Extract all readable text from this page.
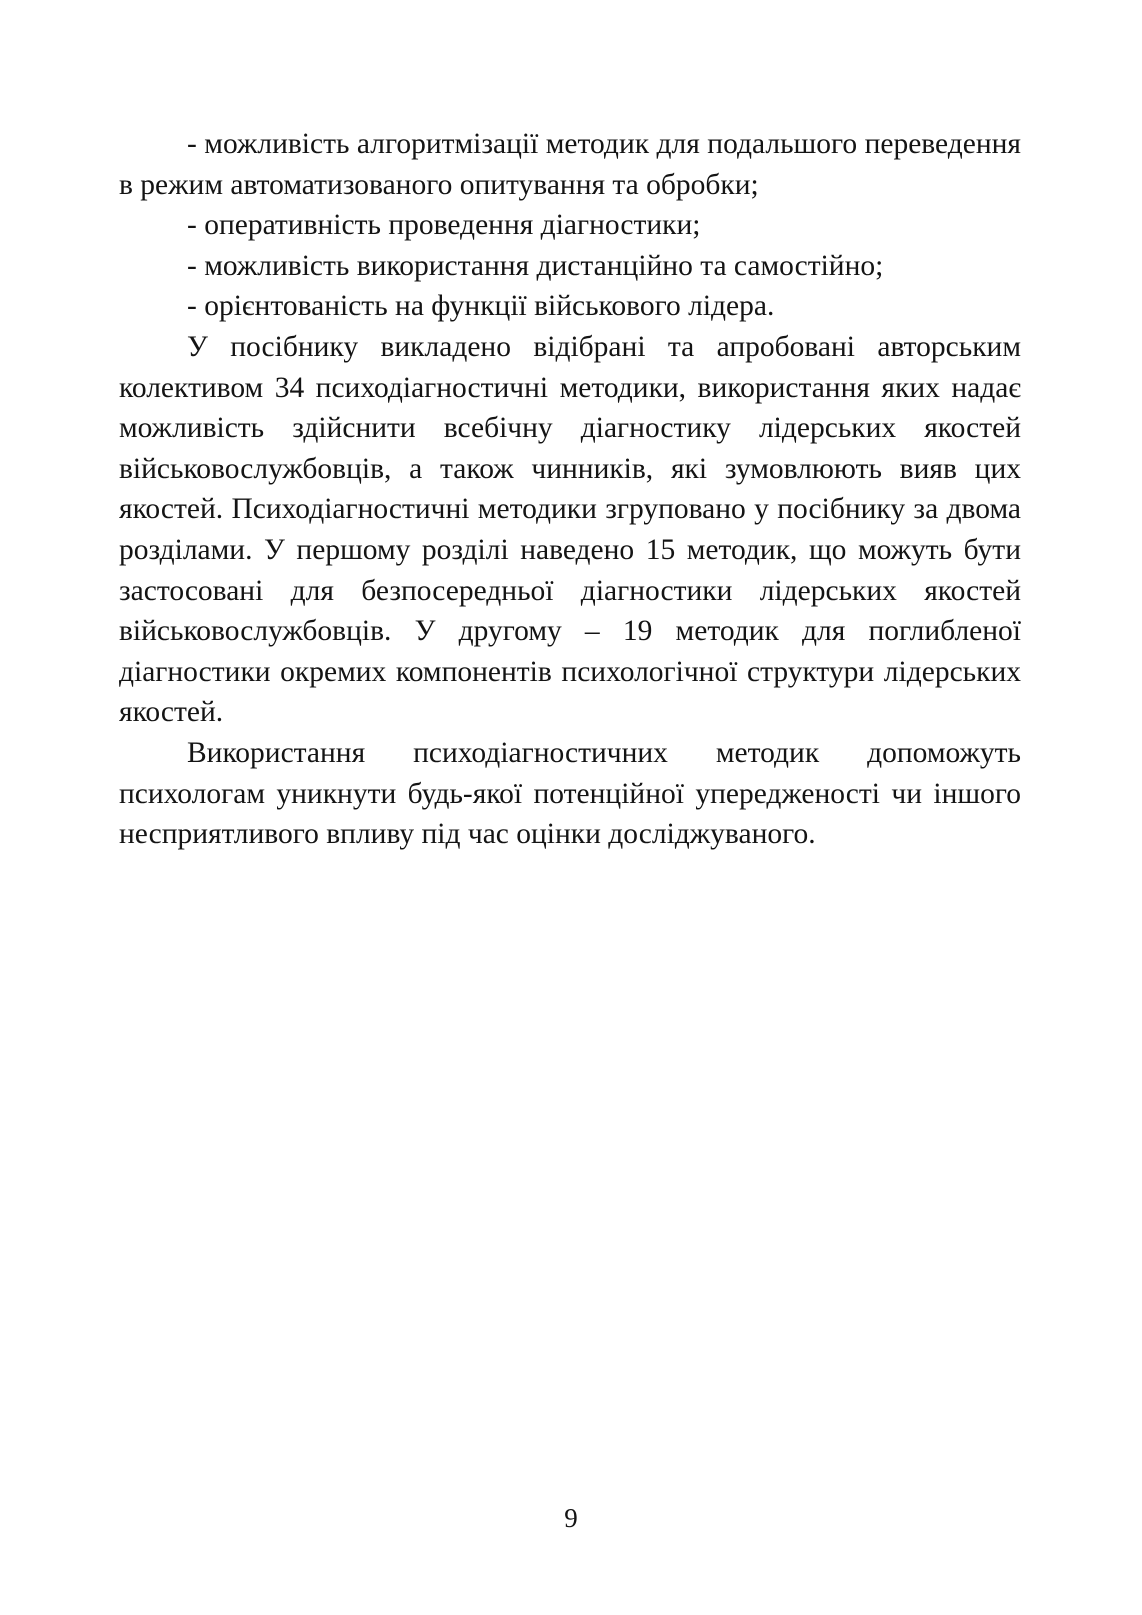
- можливість алгоритмізації методик для подальшого переведення в режим автоматизованого опитування та обробки;

- оперативність проведення діагностики;

- можливість використання дистанційно та самостійно;

- орієнтованість на функції військового лідера.

У посібнику викладено відібрані та апробовані авторським колективом 34 психодіагностичні методики, використання яких надає можливість здійснити всебічну діагностику лідерських якостей військовослужбовців, а також чинників, які зумовлюють вияв цих якостей. Психодіагностичні методики згруповано у посібнику за двома розділами. У першому розділі наведено 15 методик, що можуть бути застосовані для безпосередньої діагностики лідерських якостей військовослужбовців. У другому – 19 методик для поглибленої діагностики окремих компонентів психологічної структури лідерських якостей.

Використання психодіагностичних методик допоможуть психологам уникнути будь-якої потенційної упередженості чи іншого несприятливого впливу під час оцінки досліджуваного.

9
